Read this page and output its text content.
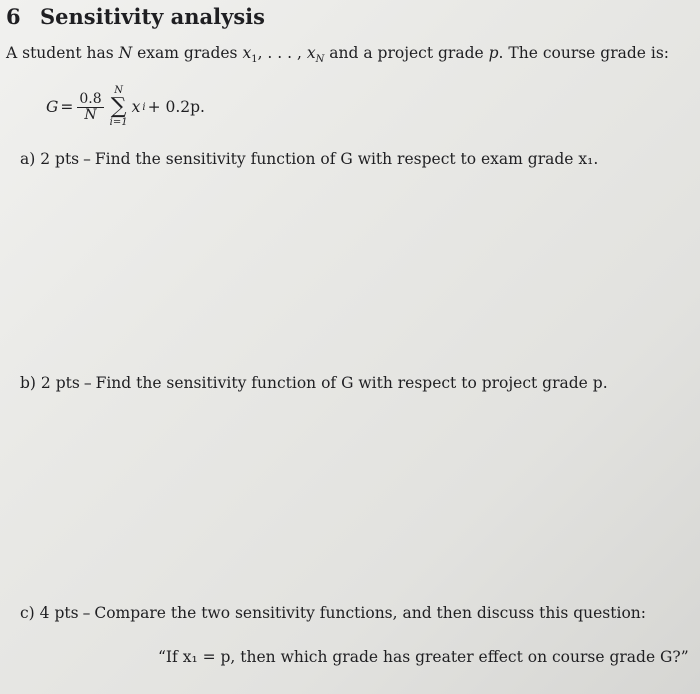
6 Sensitivity analysis
A student has N exam grades $x_1$, . . . , $x_N$ and a project grade p. The course grade is:
$G = \frac{0.8}{N}$
N
∑
i=1
x i + 0.2p.
a) 2 pts – Find the sensitivity function of G with respect to exam grade x₁.
b) 2 pts – Find the sensitivity function of G with respect to project grade p.
c) 4 pts – Compare the two sensitivity functions, and then discuss this question:
“If x₁ = p, then which grade has greater effect on course grade G?”
